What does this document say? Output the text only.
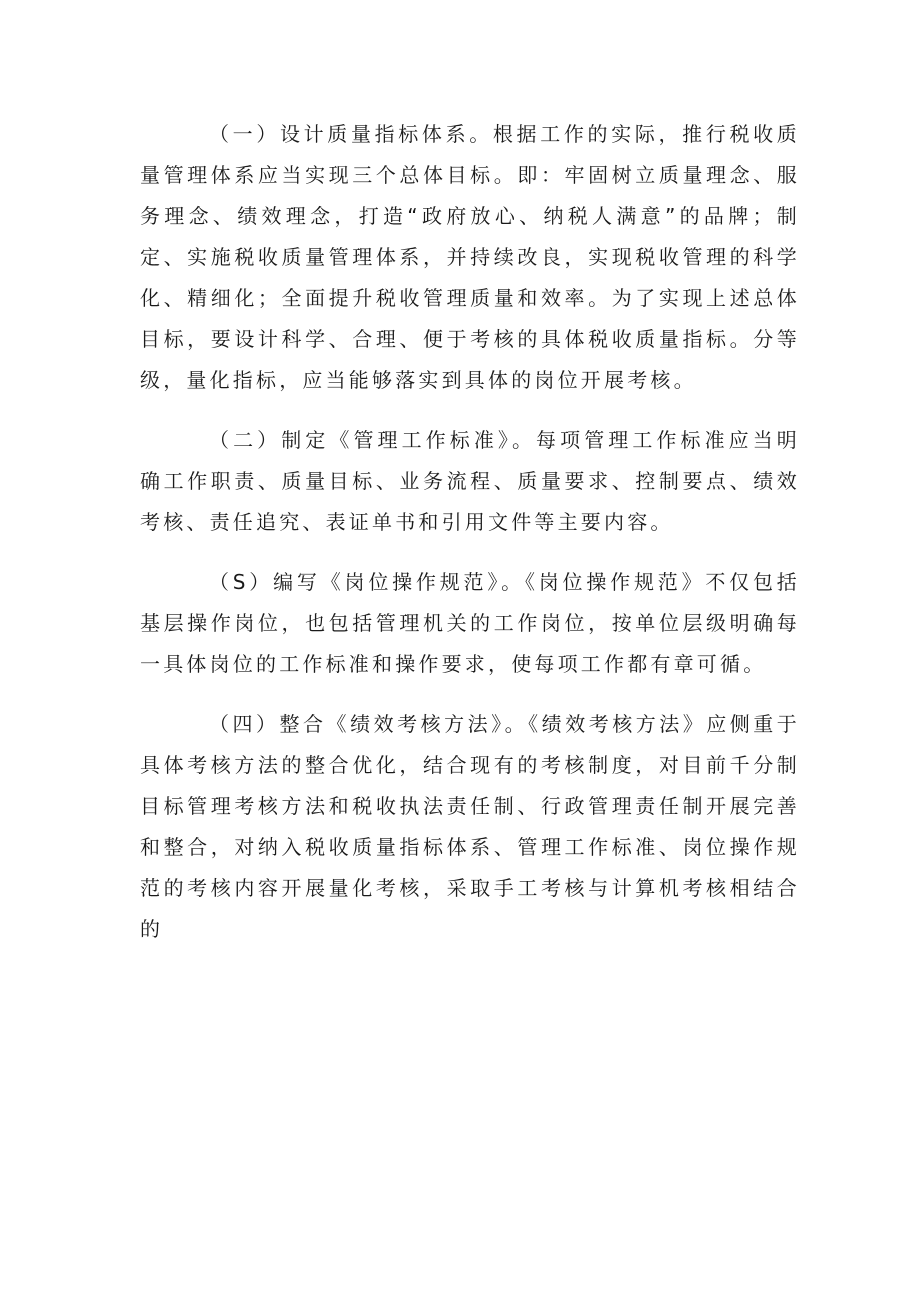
（一）设计质量指标体系。根据工作的实际，推行税收质量管理体系应当实现三个总体目标。即：牢固树立质量理念、服务理念、绩效理念，打造“政府放心、纳税人满意”的品牌；制定、实施税收质量管理体系，并持续改良，实现税收管理的科学化、精细化；全面提升税收管理质量和效率。为了实现上述总体目标，要设计科学、合理、便于考核的具体税收质量指标。分等级，量化指标，应当能够落实到具体的岗位开展考核。

（二）制定《管理工作标准》。每项管理工作标准应当明确工作职责、质量目标、业务流程、质量要求、控制要点、绩效考核、责任追究、表证单书和引用文件等主要内容。

（S）编写《岗位操作规范》。《岗位操作规范》不仅包括基层操作岗位，也包括管理机关的工作岗位，按单位层级明确每一具体岗位的工作标准和操作要求，使每项工作都有章可循。

（四）整合《绩效考核方法》。《绩效考核方法》应侧重于具体考核方法的整合优化，结合现有的考核制度，对目前千分制目标管理考核方法和税收执法责任制、行政管理责任制开展完善和整合，对纳入税收质量指标体系、管理工作标准、岗位操作规范的考核内容开展量化考核，采取手工考核与计算机考核相结合的
